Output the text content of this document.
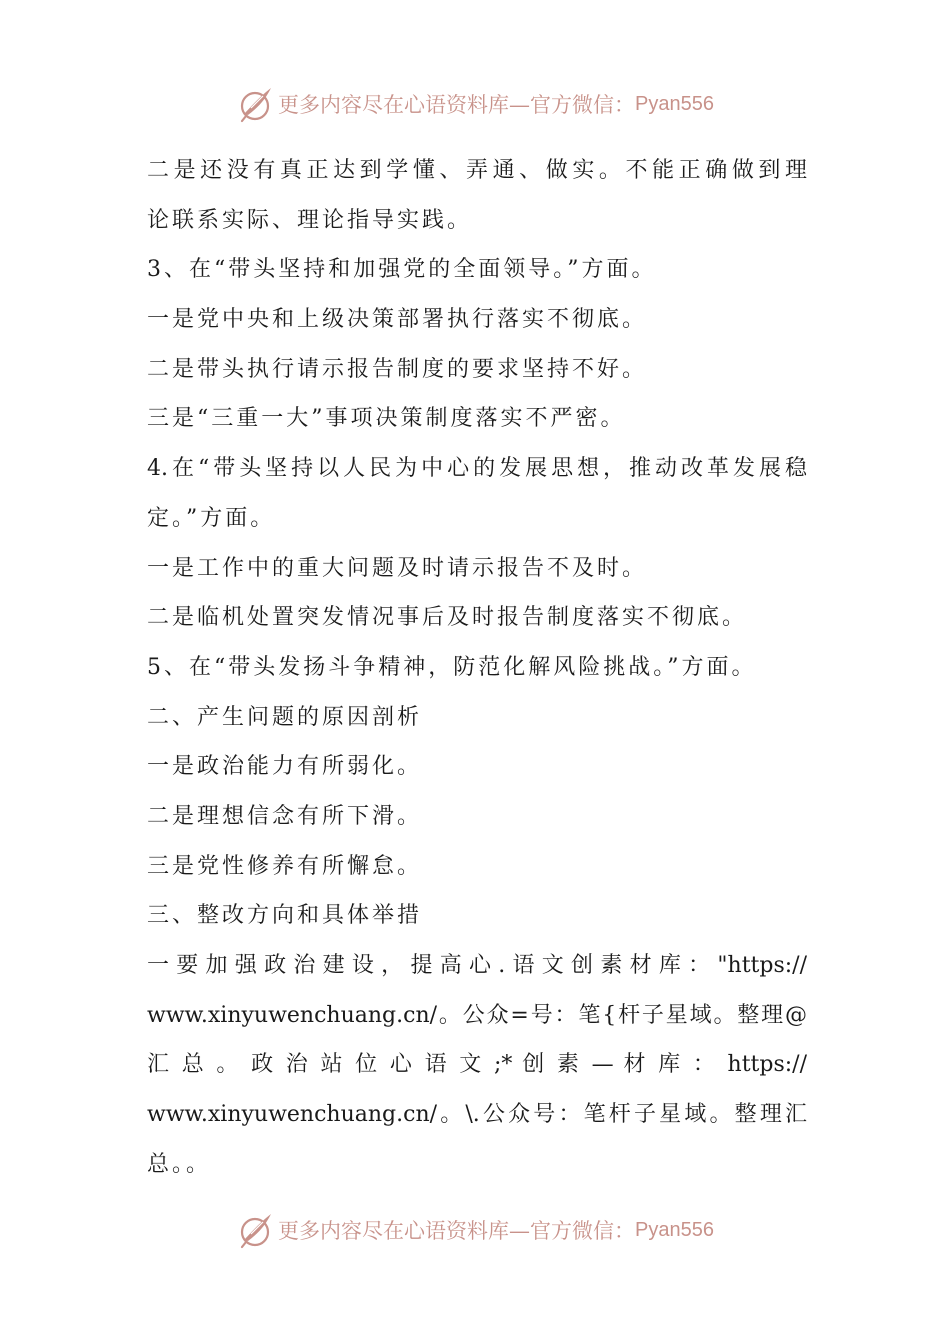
更多内容尽在心语资料库—官方微信： Pyan556
二是还没有真正达到学懂、弄通、做实。不能正确做到理
论联系实际、理论指导实践。
3、在“带头坚持和加强党的全面领导。”方面。
一是党中央和上级决策部署执行落实不彻底。
二是带头执行请示报告制度的要求坚持不好。
三是“三重一大”事项决策制度落实不严密。
4.在“带头坚持以人民为中心的发展思想，推动改革发展稳
定。”方面。
一是工作中的重大问题及时请示报告不及时。
二是临机处置突发情况事后及时报告制度落实不彻底。
5、在“带头发扬斗争精神，防范化解风险挑战。”方面。
二、产生问题的原因剖析
一是政治能力有所弱化。
二是理想信念有所下滑。
三是党性修养有所懈怠。
三、整改方向和具体举措
一要加强政治建设，提高心.语文创素材库："https://
www.xinyuwenchuang.cn/。公众=号：笔{杆子星域。整理@
汇 总 。 政 治 站 位 心 语 文 ;* 创 素 — 材 库 ： https://
www.xinyuwenchuang.cn/。\.公众号：笔杆子星域。整理汇
总。。
更多内容尽在心语资料库—官方微信： Pyan556
